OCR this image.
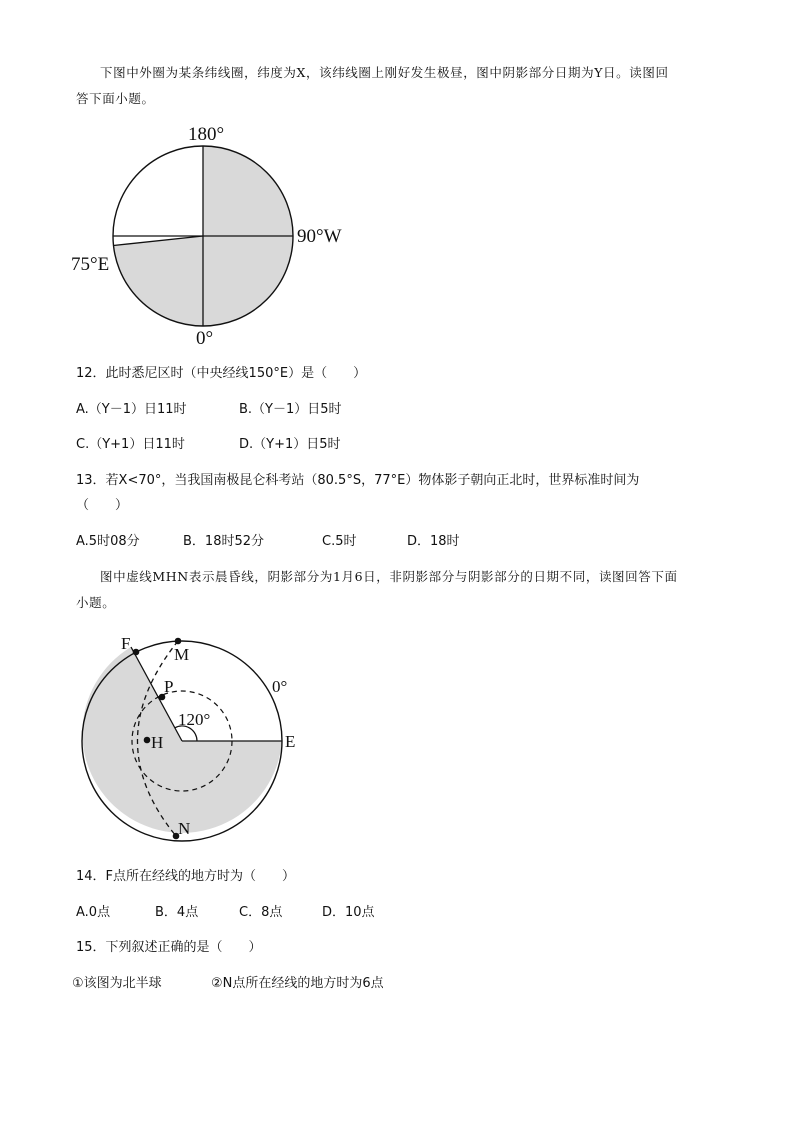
下图中外圈为某条纬线圈，纬度为X，该纬线圈上刚好发生极昼，图中阴影部分日期为Y日。读图回
答下面小题。
180°
90°W
75°E
0°
12．此时悉尼区时（中央经线150°E）是（　　）
A.（Y－1）日11时	B.（Y－1）日5时
C.（Y+1）日11时	D.（Y+1）日5时
13．若X<70°，当我国南极昆仑科考站（80.5°S，77°E）物体影子朝向正北时，世界标准时间为
（　　）
A.5时08分	B．18时52分	C.5时	D．18时
图中虚线MHN表示晨昏线，阴影部分为1月6日，非阴影部分与阴影部分的日期不同，读图回答下面
小题。
F
M
P
120°
0°
H	E
N
14．F点所在经线的地方时为（　　）
A.0点	B．4点	C．8点	D．10点
15．下列叙述正确的是（　　）
①该图为北半球	②N点所在经线的地方时为6点
